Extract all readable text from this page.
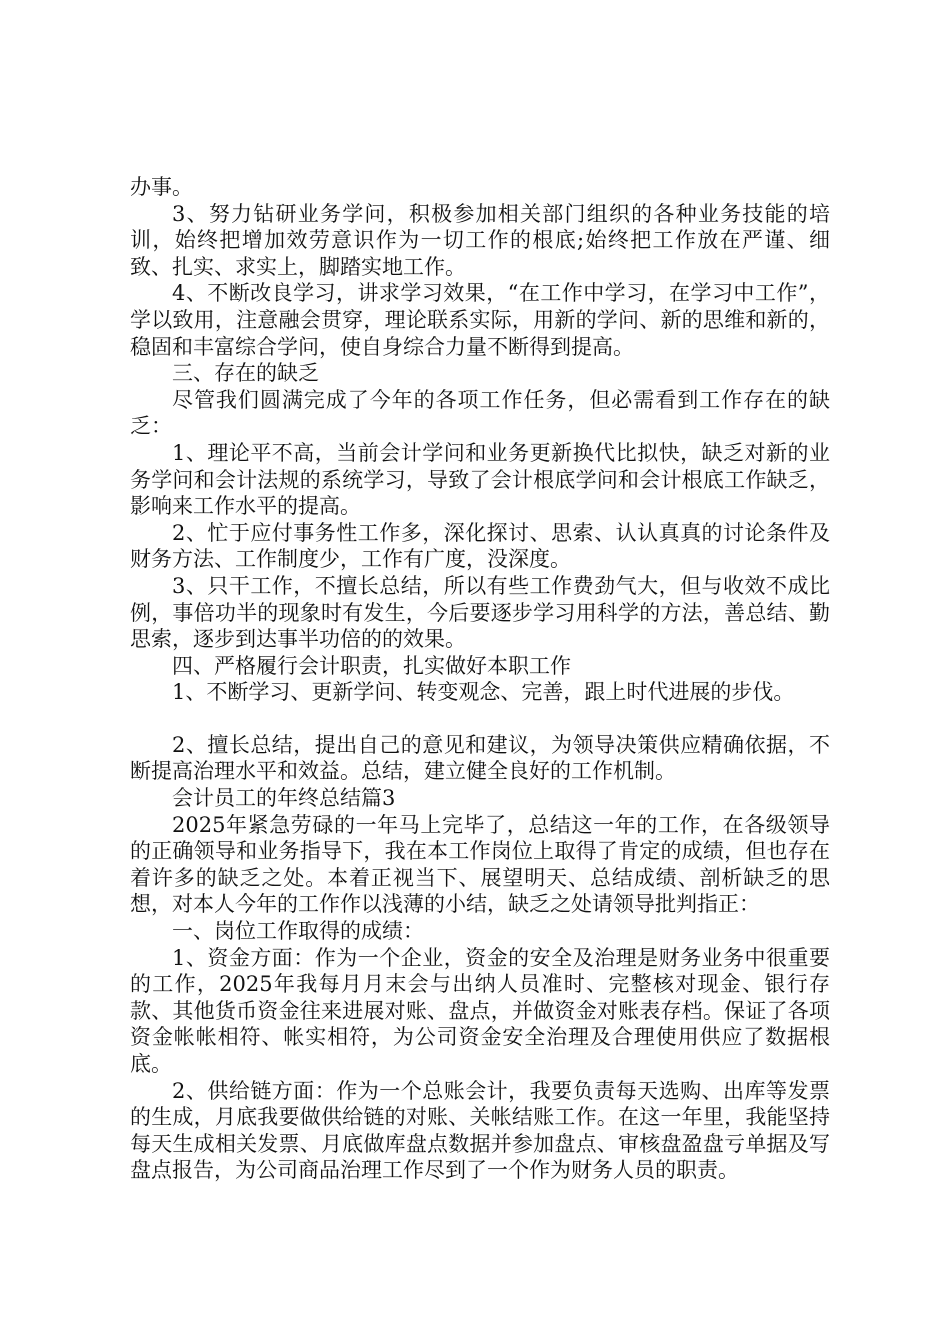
办事。

3、努力钻研业务学问，积极参加相关部门组织的各种业务技能的培训，始终把增加效劳意识作为一切工作的根底;始终把工作放在严谨、细致、扎实、求实上，脚踏实地工作。

4、不断改良学习，讲求学习效果，“在工作中学习，在学习中工作”，学以致用，注意融会贯穿，理论联系实际，用新的学问、新的思维和新的，稳固和丰富综合学问，使自身综合力量不断得到提高。

三、存在的缺乏

尽管我们圆满完成了今年的各项工作任务，但必需看到工作存在的缺乏：

1、理论平不高，当前会计学问和业务更新换代比拟快，缺乏对新的业务学问和会计法规的系统学习，导致了会计根底学问和会计根底工作缺乏，影响来工作水平的提高。

2、忙于应付事务性工作多，深化探讨、思索、认认真真的讨论条件及财务方法、工作制度少，工作有广度，没深度。

3、只干工作，不擅长总结，所以有些工作费劲气大，但与收效不成比例，事倍功半的现象时有发生，今后要逐步学习用科学的方法，善总结、勤思索，逐步到达事半功倍的的效果。

四、严格履行会计职责，扎实做好本职工作

1、不断学习、更新学问、转变观念、完善，跟上时代进展的步伐。

2、擅长总结，提出自己的意见和建议，为领导决策供应精确依据，不断提高治理水平和效益。总结，建立健全良好的工作机制。

会计员工的年终总结篇3

2025年紧急劳碌的一年马上完毕了，总结这一年的工作，在各级领导的正确领导和业务指导下，我在本工作岗位上取得了肯定的成绩，但也存在着许多的缺乏之处。本着正视当下、展望明天、总结成绩、剖析缺乏的思想，对本人今年的工作作以浅薄的小结，缺乏之处请领导批判指正：

一、岗位工作取得的成绩：

1、资金方面：作为一个企业，资金的安全及治理是财务业务中很重要的工作，2025年我每月月末会与出纳人员准时、完整核对现金、银行存款、其他货币资金往来进展对账、盘点，并做资金对账表存档。保证了各项资金帐帐相符、帐实相符，为公司资金安全治理及合理使用供应了数据根底。

2、供给链方面：作为一个总账会计，我要负责每天选购、出库等发票的生成，月底我要做供给链的对账、关帐结账工作。在这一年里，我能坚持每天生成相关发票、月底做库盘点数据并参加盘点、审核盘盈盘亏单据及写盘点报告，为公司商品治理工作尽到了一个作为财务人员的职责。
